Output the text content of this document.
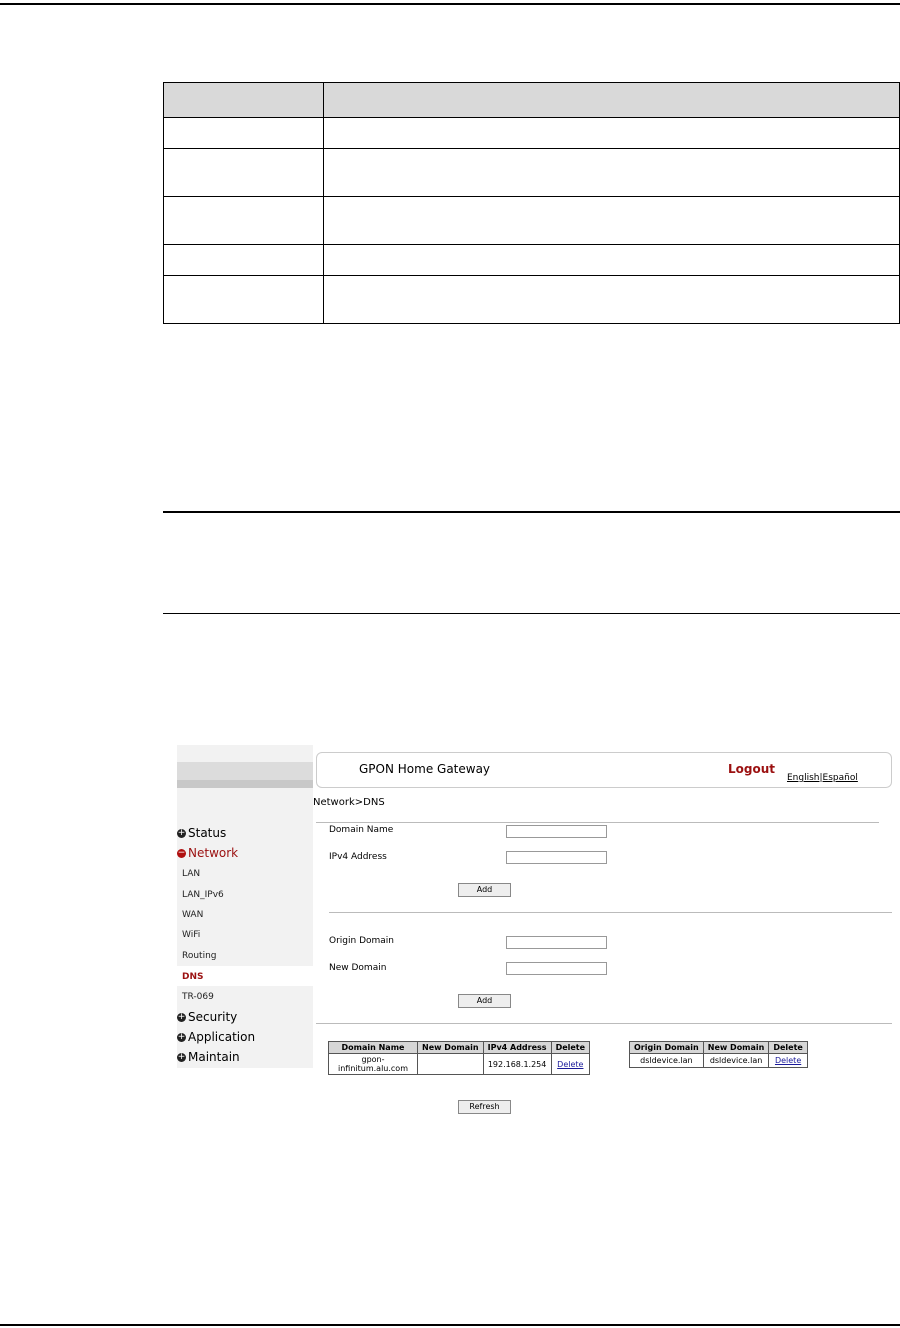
+ Status
− Network
LAN
LAN_IPv6
WAN
WiFi
Routing
DNS
TR-069
+ Security
+ Application
+ Maintain
GPON Home Gateway	Logout
English|Español
Network>DNS
Domain Name
IPv4 Address
Add
Origin Domain
New Domain
Add
Domain Name	New Domain	IPv4 Address	Delete
gpon-infinitum.alu.com		192.168.1.254	Delete
Origin Domain	New Domain	Delete
dsldevice.lan	dsldevice.lan	Delete
Refresh
